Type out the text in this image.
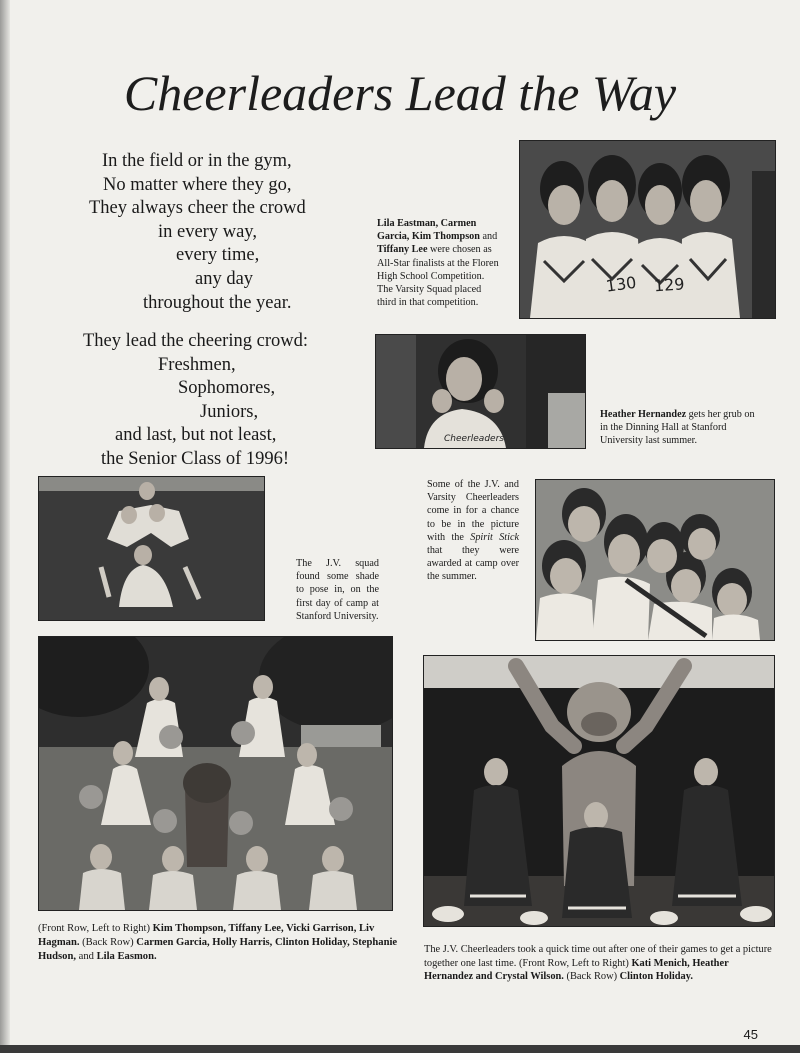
Cheerleaders Lead the Way
In the field or in the gym,
No matter where they go,
They always cheer the crowd
in every way,
every time,
any day
throughout the year.
They lead the cheering crowd:
Freshmen,
Sophomores,
Juniors,
and last, but not least,
the Senior Class of 1996!
130 129
Lila Eastman, Carmen Garcia, Kim Thompson and Tiffany Lee were chosen as All-Star finalists at the Floren High School Competition. The Varsity Squad placed third in that competition.
Cheerleaders
Heather Hernandez gets her grub on in the Dinning Hall at Stanford University last summer.
The J.V. squad found some shade to pose in, on the first day of camp at Stanford University.
Some of the J.V. and Varsity Cheerleaders come in for a chance to be in the picture with the Spirit Stick that they were awarded at camp over the summer.
(Front Row, Left to Right) Kim Thompson, Tiffany Lee, Vicki Garrison, Liv Hagman. (Back Row) Carmen Garcia, Holly Harris, Clinton Holiday, Stephanie Hudson, and Lila Easmon.
The J.V. Cheerleaders took a quick time out after one of their games to get a picture together one last time. (Front Row, Left to Right) Kati Menich, Heather Hernandez and Crystal Wilson. (Back Row) Clinton Holiday.
45
